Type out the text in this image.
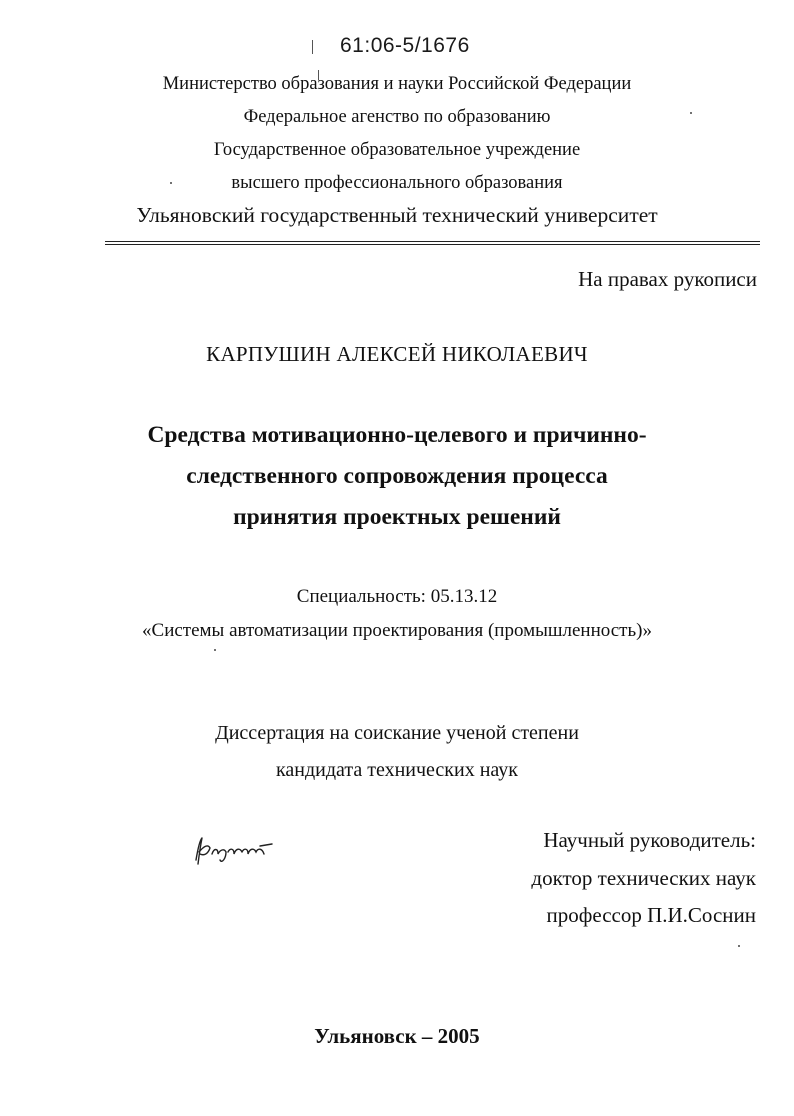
61:06-5/1676
Министерство образования и науки Российской Федерации
Федеральное агенство по образованию
Государственное образовательное учреждение
высшего профессионального образования
Ульяновский государственный технический университет
На правах рукописи
КАРПУШИН АЛЕКСЕЙ НИКОЛАЕВИЧ
Средства мотивационно-целевого и причинно-
следственного сопровождения процесса
принятия проектных решений
Специальность: 05.13.12
«Системы автоматизации проектирования (промышленность)»
Диссертация на соискание ученой степени
кандидата технических наук
Научный руководитель:
доктор технических наук
профессор П.И.Соснин
Ульяновск – 2005
